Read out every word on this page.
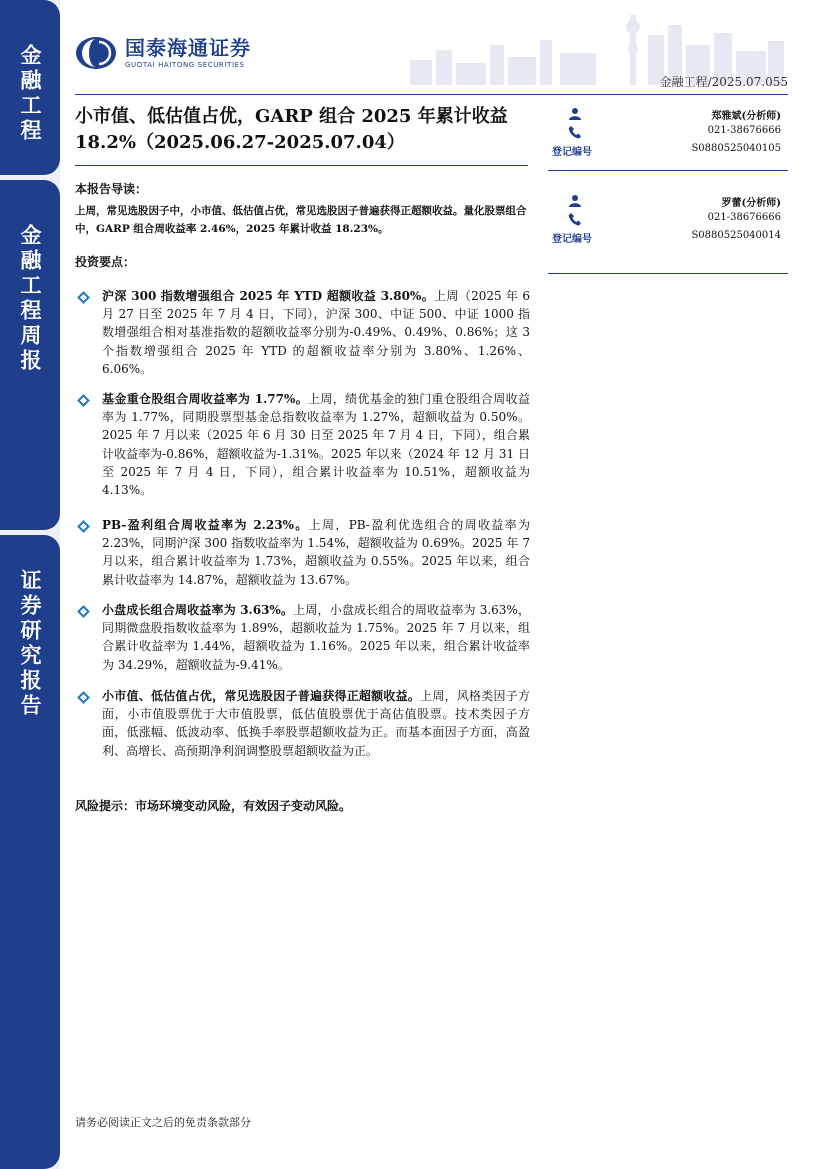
金融工程
金融工程周报
证券研究报告
国泰海通证券
GUOTAI HAITONG SECURITIES
金融工程/2025.07.055
小市值、低估值占优，GARP 组合 2025 年累计收益 18.2%（2025.06.27-2025.07.04）
本报告导读：
上周，常见选股因子中，小市值、低估值占优，常见选股因子普遍获得正超额收益。量化股票组合中，GARP 组合周收益率 2.46%，2025 年累计收益 18.23%。
投资要点：
沪深 300 指数增强组合 2025 年 YTD 超额收益 3.80%。上周（2025 年 6 月 27 日至 2025 年 7 月 4 日，下同），沪深 300、中证 500、中证 1000 指数增强组合相对基准指数的超额收益率分别为-0.49%、0.49%、0.86%；这 3 个指数增强组合 2025 年 YTD 的超额收益率分别为 3.80%、1.26%、6.06%。
基金重仓股组合周收益率为 1.77%。上周，绩优基金的独门重仓股组合周收益率为 1.77%，同期股票型基金总指数收益率为 1.27%，超额收益为 0.50%。2025 年 7 月以来（2025 年 6 月 30 日至 2025 年 7 月 4 日，下同），组合累计收益率为-0.86%，超额收益为-1.31%。2025 年以来（2024 年 12 月 31 日至 2025 年 7 月 4 日，下同），组合累计收益率为 10.51%，超额收益为 4.13%。
PB-盈利组合周收益率为 2.23%。上周，PB-盈利优选组合的周收益率为 2.23%，同期沪深 300 指数收益率为 1.54%，超额收益为 0.69%。2025 年 7 月以来，组合累计收益率为 1.73%，超额收益为 0.55%。2025 年以来，组合累计收益率为 14.87%，超额收益为 13.67%。
小盘成长组合周收益率为 3.63%。上周，小盘成长组合的周收益率为 3.63%，同期微盘股指数收益率为 1.89%，超额收益为 1.75%。2025 年 7 月以来，组合累计收益率为 1.44%，超额收益为 1.16%。2025 年以来，组合累计收益率为 34.29%，超额收益为-9.41%。
小市值、低估值占优，常见选股因子普遍获得正超额收益。上周，风格类因子方面，小市值股票优于大市值股票，低估值股票优于高估值股票。技术类因子方面，低涨幅、低波动率、低换手率股票超额收益为正。而基本面因子方面，高盈利、高增长、高预期净利润调整股票超额收益为正。
风险提示：市场环境变动风险，有效因子变动风险。
郑雅斌(分析师)
021-38676666
登记编号	S0880525040105
罗蕾(分析师)
021-38676666
登记编号	S0880525040014
请务必阅读正文之后的免责条款部分
